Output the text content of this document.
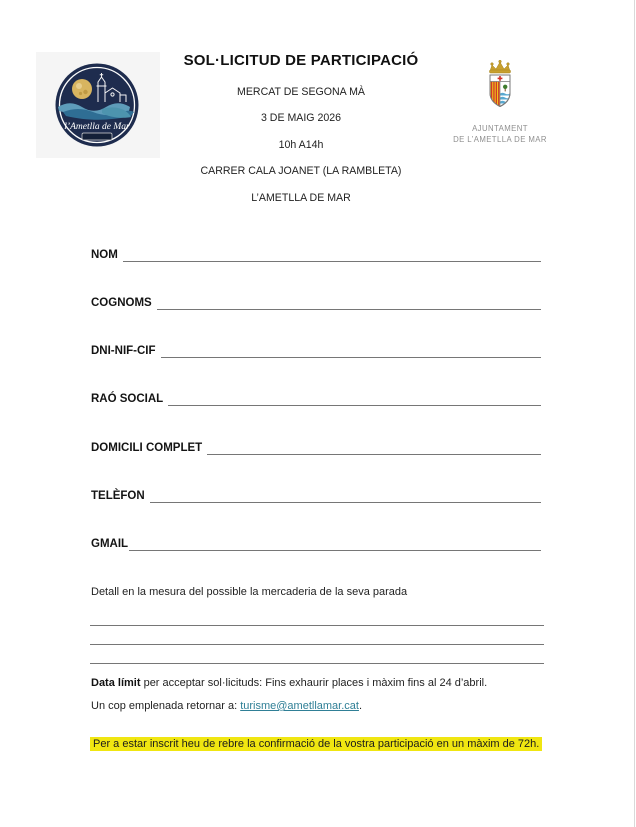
l’Ametlla de Mar
SOL·LICITUD DE PARTICIPACIÓ
MERCAT DE SEGONA MÀ
3 DE MAIG 2026
10h A14h
CARRER CALA JOANET (LA RAMBLETA)
L’AMETLLA DE MAR
AJUNTAMENT
DE L’AMETLLA DE MAR
NOM
COGNOMS
DNI-NIF-CIF
RAÓ SOCIAL
DOMICILI COMPLET
TELÈFON
GMAIL
Detall en la mesura del possible la mercaderia de la seva parada

Data límit per acceptar sol·licituds: Fins exhaurir places i màxim fins al 24 d’abril.

Un cop emplenada retornar a: turisme@ametllamar.cat.

Per a estar inscrit heu de rebre la confirmació de la vostra participació en un màxim de 72h.
